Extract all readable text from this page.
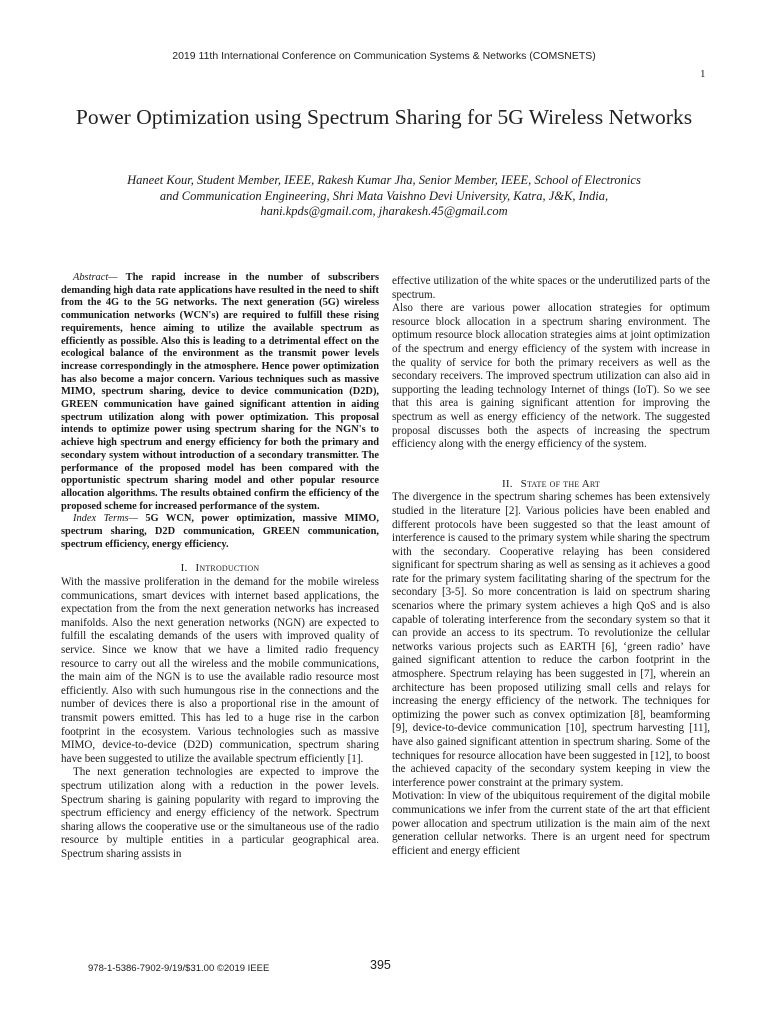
2019 11th International Conference on Communication Systems & Networks (COMSNETS)
1
Power Optimization using Spectrum Sharing for 5G Wireless Networks
Haneet Kour, Student Member, IEEE, Rakesh Kumar Jha, Senior Member, IEEE, School of Electronics
and Communication Engineering, Shri Mata Vaishno Devi University, Katra, J&K, India,
hani.kpds@gmail.com, jharakesh.45@gmail.com

Abstract— The rapid increase in the number of subscribers demanding high data rate applications have resulted in the need to shift from the 4G to the 5G networks. The next generation (5G) wireless communication networks (WCN's) are required to fulfill these rising requirements, hence aiming to utilize the available spectrum as efficiently as possible. Also this is leading to a detrimental effect on the ecological balance of the environment as the transmit power levels increase correspondingly in the atmosphere. Hence power optimization has also become a major concern. Various techniques such as massive MIMO, spectrum sharing, device to device communication (D2D), GREEN communication have gained significant attention in aiding spectrum utilization along with power optimization. This proposal intends to optimize power using spectrum sharing for the NGN's to achieve high spectrum and energy efficiency for both the primary and secondary system without introduction of a secondary transmitter. The performance of the proposed model has been compared with the opportunistic spectrum sharing model and other popular resource allocation algorithms. The results obtained confirm the efficiency of the proposed scheme for increased performance of the system.

Index Terms— 5G WCN, power optimization, massive MIMO, spectrum sharing, D2D communication, GREEN communication, spectrum efficiency, energy efficiency.

I. Introduction

With the massive proliferation in the demand for the mobile wireless communications, smart devices with internet based applications, the expectation from the from the next generation networks has increased manifolds. Also the next generation networks (NGN) are expected to fulfill the escalating demands of the users with improved quality of service. Since we know that we have a limited radio frequency resource to carry out all the wireless and the mobile communications, the main aim of the NGN is to use the available radio resource most efficiently. Also with such humungous rise in the connections and the number of devices there is also a proportional rise in the amount of transmit powers emitted. This has led to a huge rise in the carbon footprint in the ecosystem. Various technologies such as massive MIMO, device-to-device (D2D) communication, spectrum sharing have been suggested to utilize the available spectrum efficiently [1].

The next generation technologies are expected to improve the spectrum utilization along with a reduction in the power levels. Spectrum sharing is gaining popularity with regard to improving the spectrum efficiency and energy efficiency of the network. Spectrum sharing allows the cooperative use or the simultaneous use of the radio resource by multiple entities in a particular geographical area. Spectrum sharing assists in

effective utilization of the white spaces or the underutilized parts of the spectrum.

Also there are various power allocation strategies for optimum resource block allocation in a spectrum sharing environment. The optimum resource block allocation strategies aims at joint optimization of the spectrum and energy efficiency of the system with increase in the quality of service for both the primary receivers as well as the secondary receivers. The improved spectrum utilization can also aid in supporting the leading technology Internet of things (IoT). So we see that this area is gaining significant attention for improving the spectrum as well as energy efficiency of the network. The suggested proposal discusses both the aspects of increasing the spectrum efficiency along with the energy efficiency of the system.

II. State of the Art

The divergence in the spectrum sharing schemes has been extensively studied in the literature [2]. Various policies have been enabled and different protocols have been suggested so that the least amount of interference is caused to the primary system while sharing the spectrum with the secondary. Cooperative relaying has been considered significant for spectrum sharing as well as sensing as it achieves a good rate for the primary system facilitating sharing of the spectrum for the secondary [3-5]. So more concentration is laid on spectrum sharing scenarios where the primary system achieves a high QoS and is also capable of tolerating interference from the secondary system so that it can provide an access to its spectrum. To revolutionize the cellular networks various projects such as EARTH [6], ‘green radio’ have gained significant attention to reduce the carbon footprint in the atmosphere. Spectrum relaying has been suggested in [7], wherein an architecture has been proposed utilizing small cells and relays for increasing the energy efficiency of the network. The techniques for optimizing the power such as convex optimization [8], beamforming [9], device-to-device communication [10], spectrum harvesting [11], have also gained significant attention in spectrum sharing. Some of the techniques for resource allocation have been suggested in [12], to boost the achieved capacity of the secondary system keeping in view the interference power constraint at the primary system.

Motivation: In view of the ubiquitous requirement of the digital mobile communications we infer from the current state of the art that efficient power allocation and spectrum utilization is the main aim of the next generation cellular networks. There is an urgent need for spectrum efficient and energy efficient

978-1-5386-7902-9/19/$31.00 ©2019 IEEE	395
